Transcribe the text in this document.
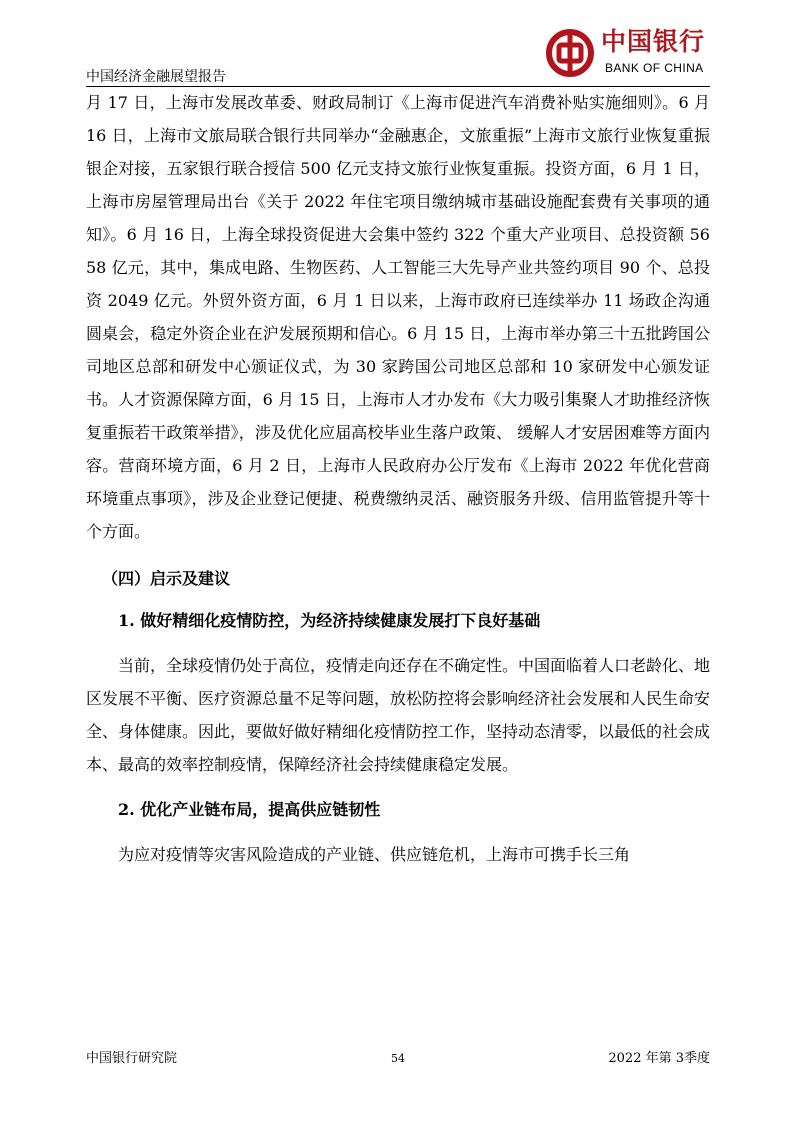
中国经济金融展望报告
中国银行
BANK OF CHINA

月 17 日，上海市发展改革委、财政局制订《上海市促进汽车消费补贴实施细则》。6 月 16 日，上海市文旅局联合银行共同举办“金融惠企，文旅重振”上海市文旅行业恢复重振银企对接，五家银行联合授信 500 亿元支持文旅行业恢复重振。投资方面，6 月 1 日，上海市房屋管理局出台《关于 2022 年住宅项目缴纳城市基础设施配套费有关事项的通知》。6 月 16 日，上海全球投资促进大会集中签约 322 个重大产业项目、总投资额 5658 亿元，其中，集成电路、生物医药、人工智能三大先导产业共签约项目 90 个、总投资 2049 亿元。外贸外资方面，6 月 1 日以来，上海市政府已连续举办 11 场政企沟通圆桌会，稳定外资企业在沪发展预期和信心。6 月 15 日，上海市举办第三十五批跨国公司地区总部和研发中心颁证仪式，为 30 家跨国公司地区总部和 10 家研发中心颁发证书。人才资源保障方面，6 月 15 日，上海市人才办发布《大力吸引集聚人才助推经济恢复重振若干政策举措》，涉及优化应届高校毕业生落户政策、 缓解人才安居困难等方面内容。营商环境方面，6 月 2 日，上海市人民政府办公厅发布《上海市 2022 年优化营商环境重点事项》，涉及企业登记便捷、税费缴纳灵活、融资服务升级、信用监管提升等十个方面。

（四）启示及建议

1. 做好精细化疫情防控，为经济持续健康发展打下良好基础

当前，全球疫情仍处于高位，疫情走向还存在不确定性。中国面临着人口老龄化、地区发展不平衡、医疗资源总量不足等问题，放松防控将会影响经济社会发展和人民生命安全、身体健康。因此，要做好做好精细化疫情防控工作，坚持动态清零，以最低的社会成本、最高的效率控制疫情，保障经济社会持续健康稳定发展。

2. 优化产业链布局，提高供应链韧性

为应对疫情等灾害风险造成的产业链、供应链危机，上海市可携手长三角

中国银行研究院	54	2022 年第 3季度
